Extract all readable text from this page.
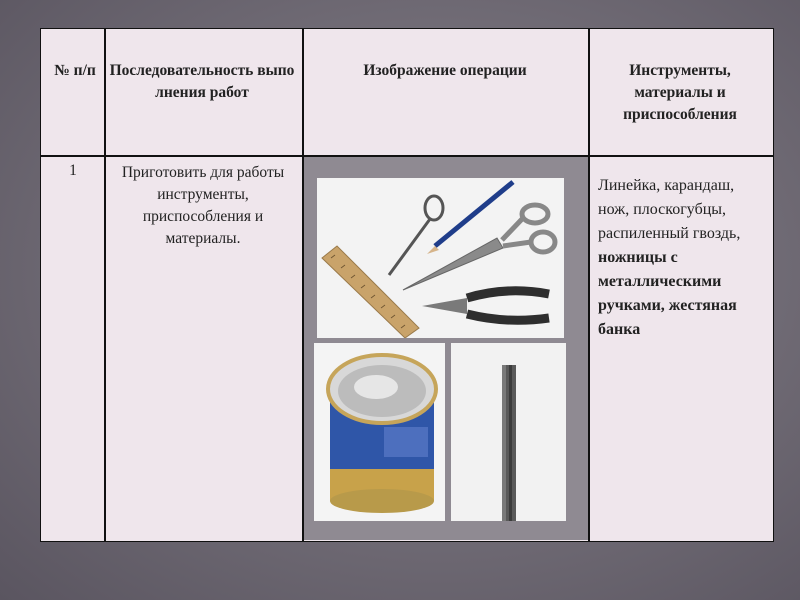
№ п/п Последовательность выполнения работ
Изображение операции	Инструменты, материалы и приспособления
1	Приготовить для работы инструменты, приспособления и материалы.
Линейка, карандаш, нож, плоскогубцы, распиленный гвоздь, ножницы с металлическими ручками, жестяная банка
